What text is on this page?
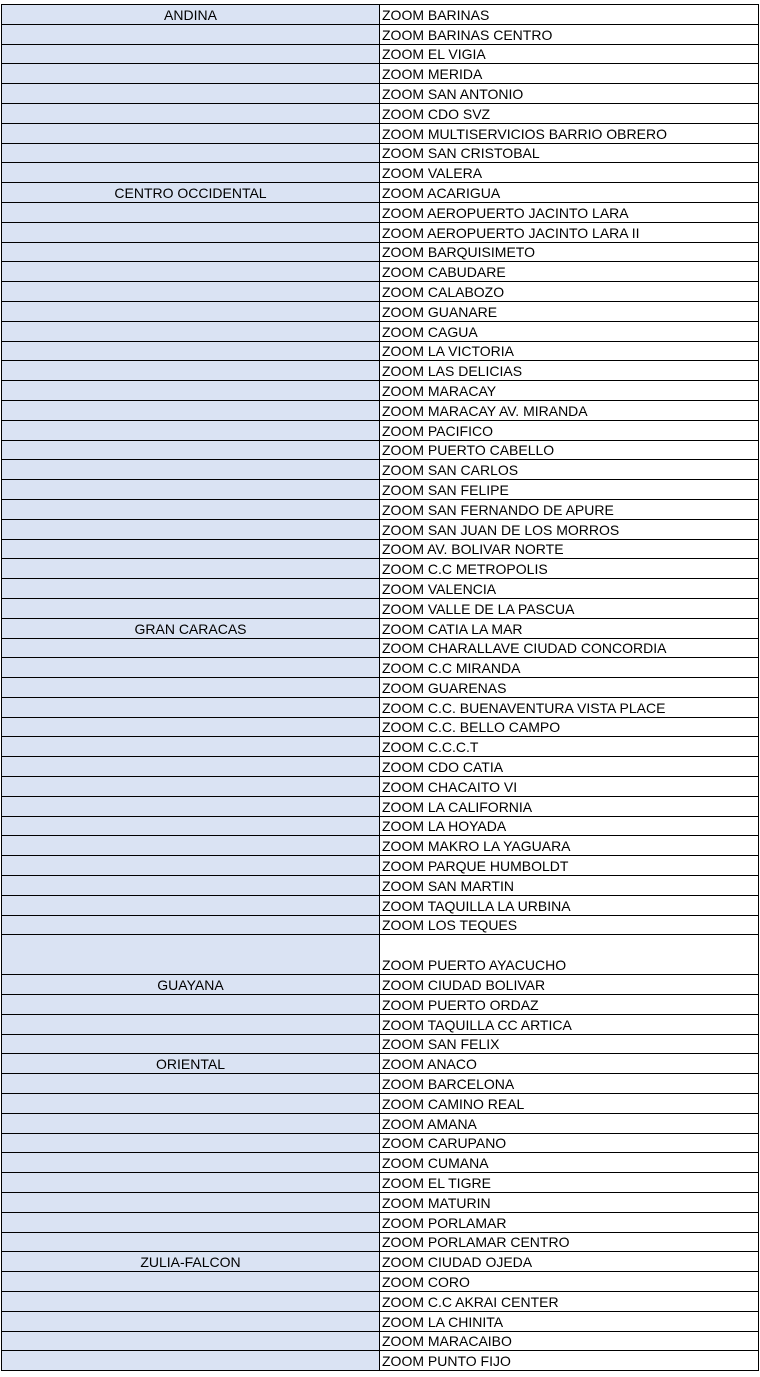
ANDINA	ZOOM BARINAS
	ZOOM BARINAS CENTRO
	ZOOM EL VIGIA
	ZOOM MERIDA
	ZOOM SAN ANTONIO
	ZOOM CDO SVZ
	ZOOM MULTISERVICIOS BARRIO OBRERO
	ZOOM SAN CRISTOBAL
	ZOOM VALERA
CENTRO OCCIDENTAL	ZOOM ACARIGUA
	ZOOM AEROPUERTO JACINTO LARA
	ZOOM AEROPUERTO JACINTO LARA II
	ZOOM BARQUISIMETO
	ZOOM CABUDARE
	ZOOM CALABOZO
	ZOOM GUANARE
	ZOOM CAGUA
	ZOOM LA VICTORIA
	ZOOM LAS DELICIAS
	ZOOM MARACAY
	ZOOM MARACAY AV. MIRANDA
	ZOOM PACIFICO
	ZOOM PUERTO CABELLO
	ZOOM SAN CARLOS
	ZOOM SAN FELIPE
	ZOOM SAN FERNANDO DE APURE
	ZOOM SAN JUAN DE LOS MORROS
	ZOOM AV. BOLIVAR NORTE
	ZOOM C.C METROPOLIS
	ZOOM VALENCIA
	ZOOM VALLE DE LA PASCUA
GRAN CARACAS	ZOOM CATIA LA MAR
	ZOOM CHARALLAVE CIUDAD CONCORDIA
	ZOOM C.C MIRANDA
	ZOOM GUARENAS
	ZOOM C.C. BUENAVENTURA VISTA PLACE
	ZOOM C.C. BELLO CAMPO
	ZOOM C.C.C.T
	ZOOM CDO CATIA
	ZOOM CHACAITO VI
	ZOOM LA CALIFORNIA
	ZOOM LA HOYADA
	ZOOM MAKRO LA YAGUARA
	ZOOM PARQUE HUMBOLDT
	ZOOM SAN MARTIN
	ZOOM TAQUILLA LA URBINA
	ZOOM LOS TEQUES
	ZOOM PUERTO AYACUCHO
GUAYANA	ZOOM CIUDAD BOLIVAR
	ZOOM PUERTO ORDAZ
	ZOOM TAQUILLA CC ARTICA
	ZOOM SAN FELIX
ORIENTAL	ZOOM ANACO
	ZOOM BARCELONA
	ZOOM CAMINO REAL
	ZOOM AMANA
	ZOOM CARUPANO
	ZOOM CUMANA
	ZOOM EL TIGRE
	ZOOM MATURIN
	ZOOM PORLAMAR
	ZOOM PORLAMAR CENTRO
ZULIA-FALCON	ZOOM CIUDAD OJEDA
	ZOOM CORO
	ZOOM C.C AKRAI CENTER
	ZOOM LA CHINITA
	ZOOM MARACAIBO
	ZOOM PUNTO FIJO
